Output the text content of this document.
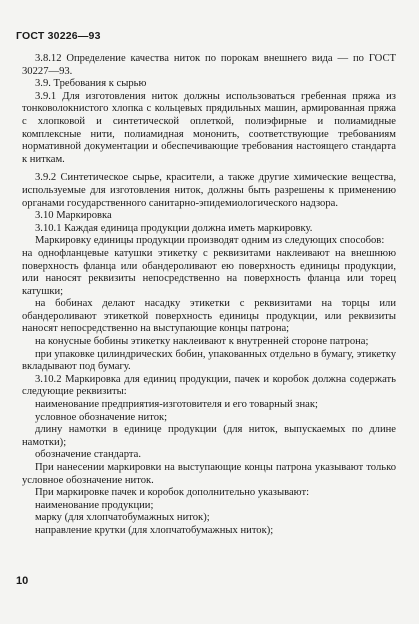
ГОСТ 30226—93

3.8.12 Определение качества ниток по порокам внешнего вида — по ГОСТ 30227—93.

3.9. Требования к сырью

3.9.1 Для изготовления ниток должны использоваться гребенная пряжа из тонковолокнистого хлопка с кольцевых прядильных машин, армированная пряжа с хлопковой и синтетической оплеткой, полиэфирные и полиамидные комплексные нити, полиамидная мононить, соответствующие требованиям нормативной документации и обеспечивающие требования настоящего стандарта к ниткам.

3.9.2 Синтетическое сырье, красители, а также другие химические вещества, используемые для изготовления ниток, должны быть разрешены к применению органами государственного санитарно-эпидемиологического надзора.

3.10 Маркировка

3.10.1 Каждая единица продукции должна иметь маркировку.

Маркировку единицы продукции производят одним из следующих способов:

на однофланцевые катушки этикетку с реквизитами наклеивают на внешнюю поверхность фланца или обандероливают ею поверхность единицы продукции, или наносят реквизиты непосредственно на поверхность фланца или торец катушки;

на бобинах делают насадку этикетки с реквизитами на торцы или обандероливают этикеткой поверхность единицы продукции, или реквизиты наносят непосредственно на выступающие концы патрона;

на конусные бобины этикетку наклеивают к внутренней стороне патрона;

при упаковке цилиндрических бобин, упакованных отдельно в бумагу, этикетку вкладывают под бумагу.

3.10.2 Маркировка для единиц продукции, пачек и коробок должна содержать следующие реквизиты:

наименование предприятия-изготовителя и его товарный знак;

условное обозначение ниток;

длину намотки в единице продукции (для ниток, выпускаемых по длине намотки);

обозначение стандарта.

При нанесении маркировки на выступающие концы патрона указывают только условное обозначение ниток.

При маркировке пачек и коробок дополнительно указывают:

наименование продукции;

марку (для хлопчатобумажных ниток);

направление крутки (для хлопчатобумажных ниток);

10
